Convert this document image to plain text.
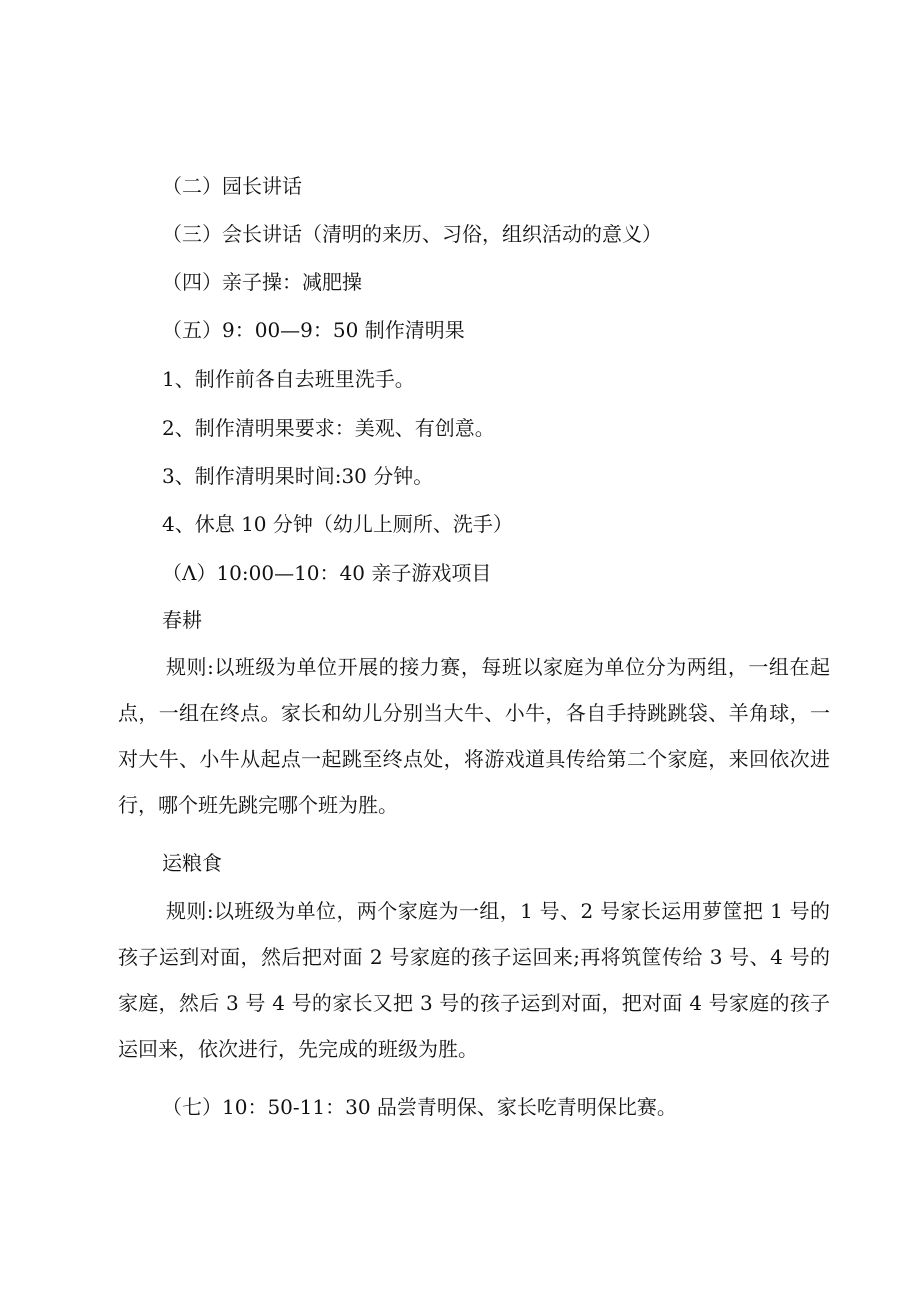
（二）园长讲话
（三）会长讲话（清明的来历、习俗，组织活动的意义）
（四）亲子操：减肥操
（五）9：00—9：50 制作清明果
1、制作前各自去班里洗手。
2、制作清明果要求：美观、有创意。
3、制作清明果时间:30 分钟。
4、休息 10 分钟（幼儿上厕所、洗手）
（Λ）10:00—10：40 亲子游戏项目
春耕
规则:以班级为单位开展的接力赛，每班以家庭为单位分为两组，一组在起点，一组在终点。家长和幼儿分别当大牛、小牛，各自手持跳跳袋、羊角球，一对大牛、小牛从起点一起跳至终点处，将游戏道具传给第二个家庭，来回依次进行，哪个班先跳完哪个班为胜。
运粮食
规则:以班级为单位，两个家庭为一组，1 号、2 号家长运用萝筐把 1 号的孩子运到对面，然后把对面 2 号家庭的孩子运回来;再将筑筐传给 3 号、4 号的家庭，然后 3 号 4 号的家长又把 3 号的孩子运到对面，把对面 4 号家庭的孩子运回来，依次进行，先完成的班级为胜。
（七）10：50-11：30 品尝青明保、家长吃青明保比赛。
